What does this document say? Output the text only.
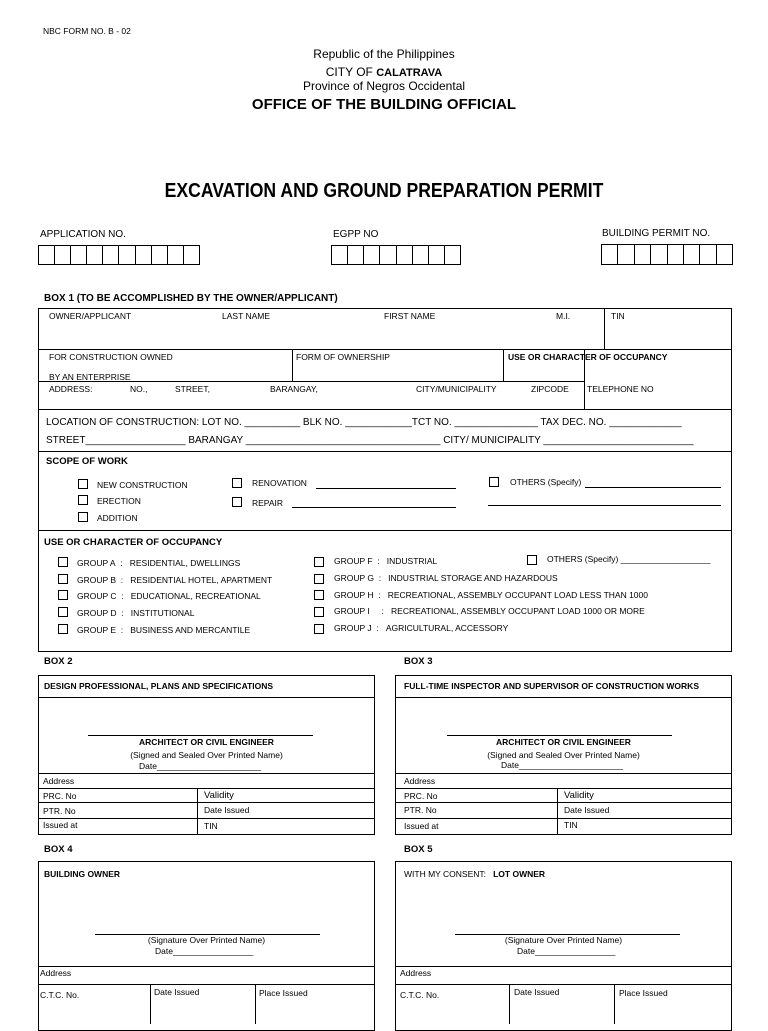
NBC FORM NO. B - 02
Republic of the Philippines
CITY OF CALATRAVA
Province of Negros Occidental
OFFICE OF THE BUILDING OFFICIAL
EXCAVATION AND GROUND PREPARATION PERMIT
APPLICATION NO.	EGPP NO	BUILDING PERMIT NO.
BOX 1 (TO BE ACCOMPLISHED BY THE OWNER/APPLICANT)
OWNER/APPLICANT	LAST NAME	FIRST NAME	M.I.	TIN
FOR CONSTRUCTION OWNED
BY AN ENTERPRISE
FORM OF OWNERSHIP	USE OR CHARACTER OF OCCUPANCY
ADDRESS:	NO.,	STREET,	BARANGAY,	CITY/MUNICIPALITY	ZIPCODE TELEPHONE NO
LOCATION OF CONSTRUCTION: LOT NO. __________ BLK NO. ____________TCT NO. _______________ TAX DEC. NO. _____________
STREET__________________ BARANGAY ___________________________________ CITY/ MUNICIPALITY ___________________________
SCOPE OF WORK
NEW CONSTRUCTION
ERECTION
ADDITION
RENOVATION
REPAIR
OTHERS (Specify)
USE OR CHARACTER OF OCCUPANCY
GROUP A  :   RESIDENTIAL, DWELLINGS
GROUP B  :   RESIDENTIAL HOTEL, APARTMENT
GROUP C  :   EDUCATIONAL, RECREATIONAL
GROUP D  :   INSTITUTIONAL
GROUP E  :   BUSINESS AND MERCANTILE
GROUP F  :   INDUSTRIAL
GROUP G  :   INDUSTRIAL STORAGE AND HAZARDOUS
GROUP H  :   RECREATIONAL, ASSEMBLY OCCUPANT LOAD LESS THAN 1000
GROUP I     :   RECREATIONAL, ASSEMBLY OCCUPANT LOAD 1000 OR MORE
GROUP J  :   AGRICULTURAL, ACCESSORY
OTHERS (Specify) ___________________
BOX 2
DESIGN PROFESSIONAL, PLANS AND SPECIFICATIONS
ARCHITECT OR CIVIL ENGINEER
(Signed and Sealed Over Printed Name)
Date______________________
Address
PRC. No	Validity
PTR. No	Date Issued
Issued at	TIN
BOX 3
FULL-TIME INSPECTOR AND SUPERVISOR OF CONSTRUCTION WORKS
ARCHITECT OR CIVIL ENGINEER
(Signed and Sealed Over Printed Name)
Date______________________
Address
PRC. No	Validity
PTR. No	Date Issued
Issued at	TIN
BOX 4
BUILDING OWNER
(Signature Over Printed Name)
Date_________________
Address
C.T.C. No.	Date Issued	Place Issued
BOX 5
WITH MY CONSENT: LOT OWNER
(Signature Over Printed Name)
Date_________________
Address
C.T.C. No.	Date Issued	Place Issued
